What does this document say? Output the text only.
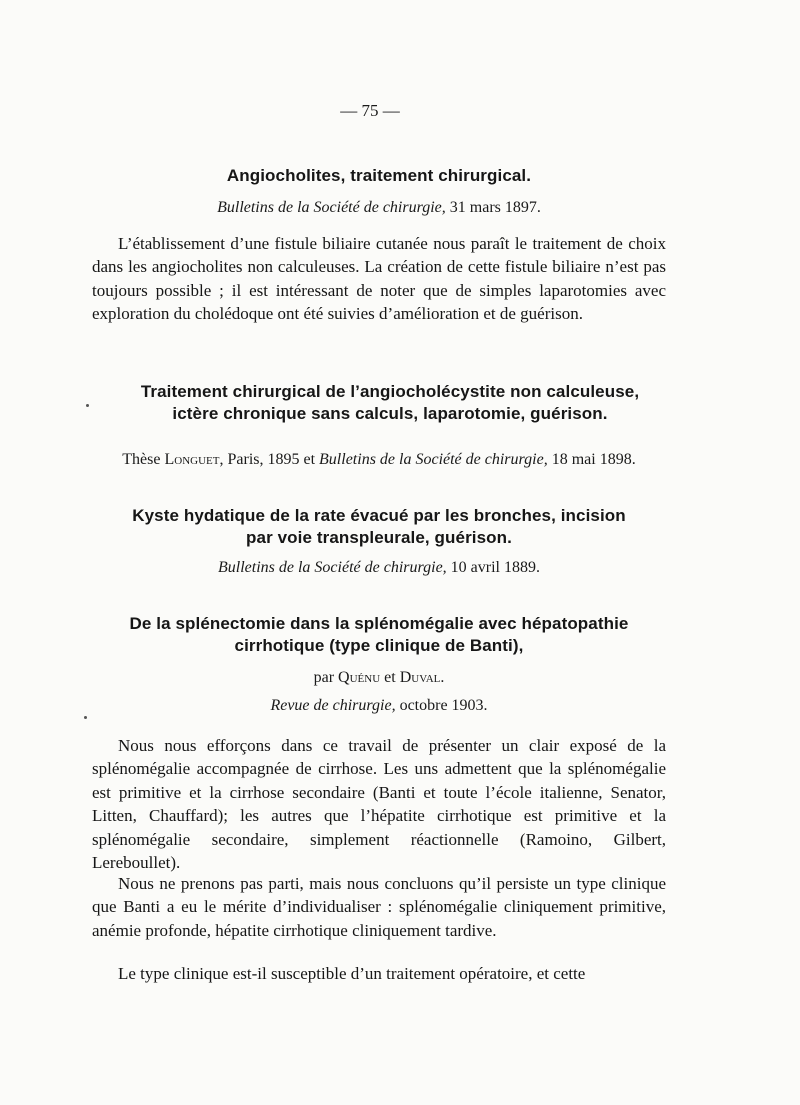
— 75 —
Angiocholites, traitement chirurgical.
Bulletins de la Société de chirurgie, 31 mars 1897.

L’établissement d’une fistule biliaire cutanée nous paraît le traitement de choix dans les angiocholites non calculeuses. La création de cette fistule biliaire n’est pas toujours possible ; il est intéressant de noter que de simples laparotomies avec exploration du cholédoque ont été suivies d’amélioration et de guérison.

Traitement chirurgical de l’angiocholécystite non calculeuse,
ictère chronique sans calculs, laparotomie, guérison.
Thèse Longuet, Paris, 1895 et Bulletins de la Société de chirurgie, 18 mai 1898.
Kyste hydatique de la rate évacué par les bronches, incision
par voie transpleurale, guérison.
Bulletins de la Société de chirurgie, 10 avril 1889.
De la splénectomie dans la splénomégalie avec hépatopathie
cirrhotique (type clinique de Banti),
par Quénu et Duval.
Revue de chirurgie, octobre 1903.

Nous nous efforçons dans ce travail de présenter un clair exposé de la splénomégalie accompagnée de cirrhose. Les uns admettent que la splénomégalie est primitive et la cirrhose secondaire (Banti et toute l’école italienne, Senator, Litten, Chauffard); les autres que l’hépatite cirrhotique est primitive et la splénomégalie secondaire, simplement réactionnelle (Ramoino, Gilbert, Lereboullet).

Nous ne prenons pas parti, mais nous concluons qu’il persiste un type clinique que Banti a eu le mérite d’individualiser : splénomégalie cliniquement primitive, anémie profonde, hépatite cirrhotique cliniquement tardive.

Le type clinique est-il susceptible d’un traitement opératoire, et cette
